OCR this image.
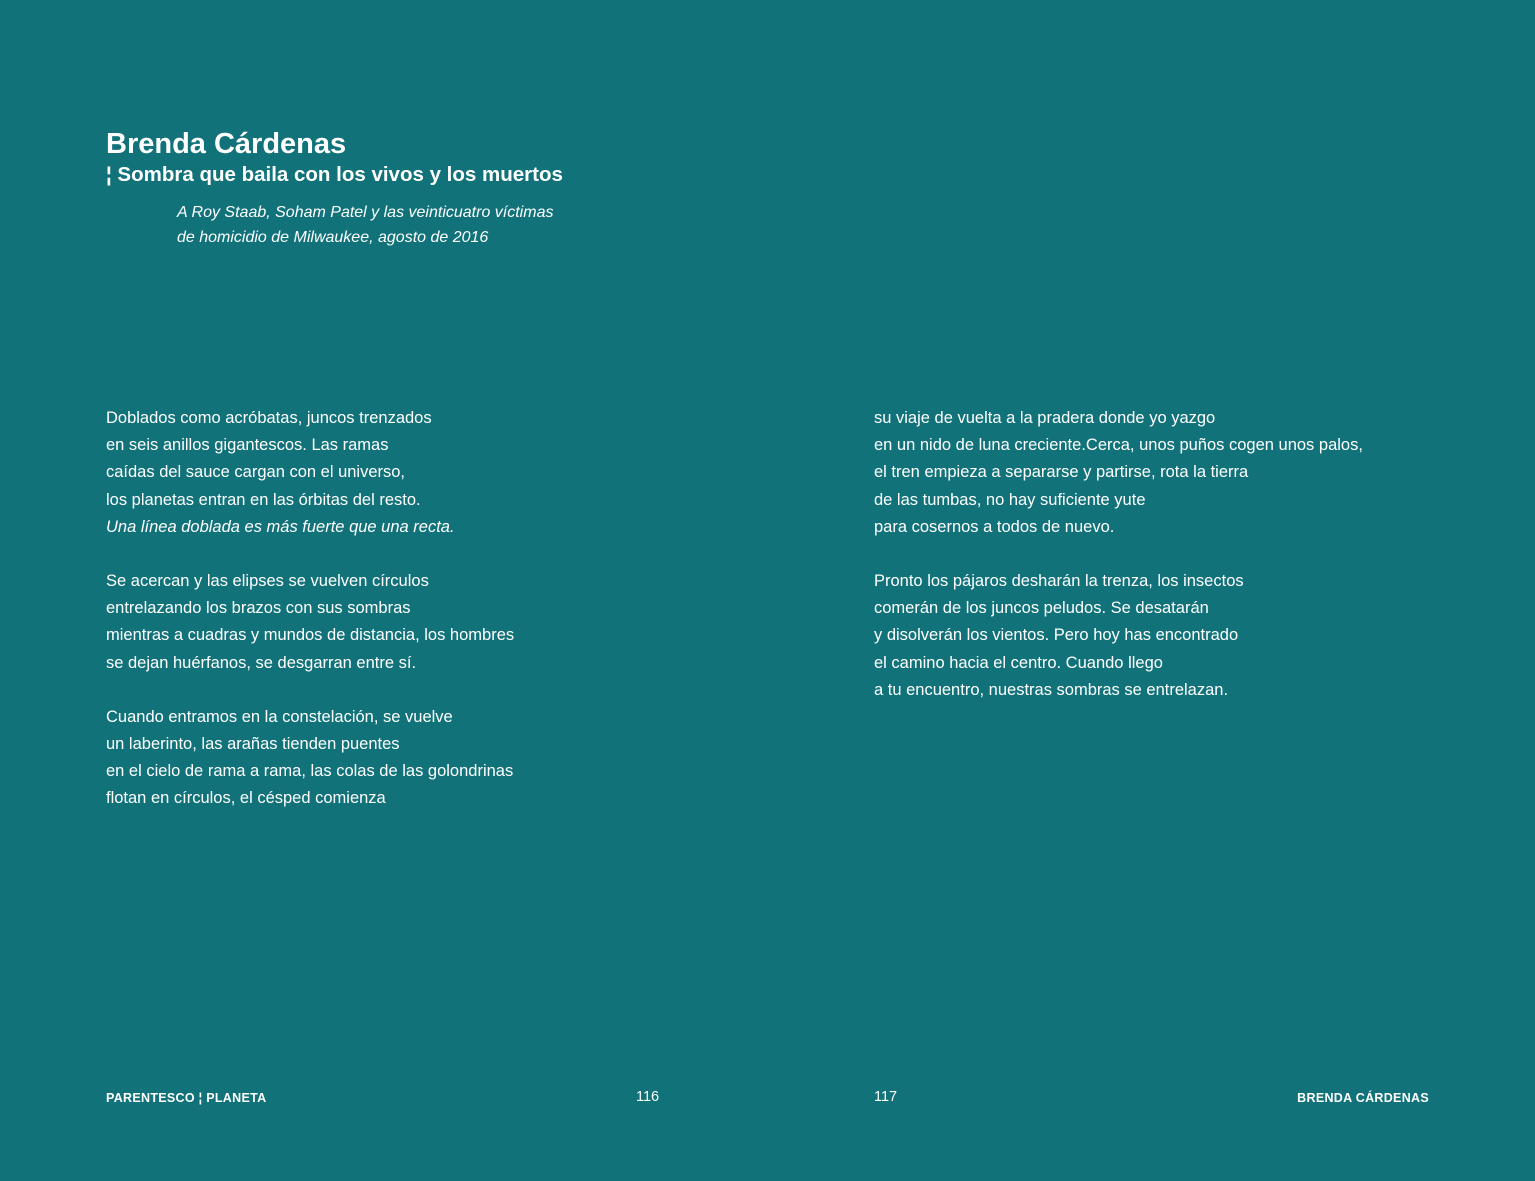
Brenda Cárdenas
¦ Sombra que baila con los vivos y los muertos
A Roy Staab, Soham Patel y las veinticuatro víctimas
de homicidio de Milwaukee, agosto de 2016
Doblados como acróbatas, juncos trenzados
en seis anillos gigantescos. Las ramas
caídas del sauce cargan con el universo,
los planetas entran en las órbitas del resto.
Una línea doblada es más fuerte que una recta.
Se acercan y las elipses se vuelven círculos
entrelazando los brazos con sus sombras
mientras a cuadras y mundos de distancia, los hombres
se dejan huérfanos, se desgarran entre sí.
Cuando entramos en la constelación, se vuelve
un laberinto, las arañas tienden puentes
en el cielo de rama a rama, las colas de las golondrinas
flotan en círculos, el césped comienza
su viaje de vuelta a la pradera donde yo yazgo
en un nido de luna creciente.Cerca, unos puños cogen unos palos,
el tren empieza a separarse y partirse, rota la tierra
de las tumbas, no hay suficiente yute
para cosernos a todos de nuevo.
Pronto los pájaros desharán la trenza, los insectos
comerán de los juncos peludos. Se desatarán
y disolverán los vientos. Pero hoy has encontrado
el camino hacia el centro. Cuando llego
a tu encuentro, nuestras sombras se entrelazan.
PARENTESCO ¦ PLANETA	116	117	BRENDA CÁRDENAS
